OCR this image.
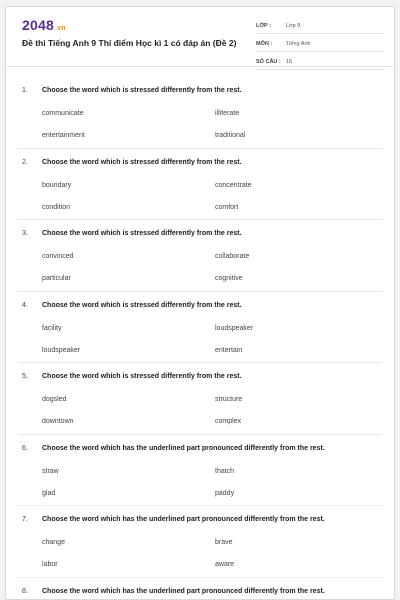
2048.vn
Đề thi Tiếng Anh 9 Thí điểm Học kì 1 có đáp án (Đề 2)
LỚP :	Lớp 9
MÔN :	Tiếng Anh
SỐ CÂU : 16
1.	Choose the word which is stressed differently from the rest.
communicate	illiterate
entertainment	traditional
2.	Choose the word which is stressed differently from the rest.
boundary	concentrate
condition	comfort
3.	Choose the word which is stressed differently from the rest.
convinced	collaborate
particular	cognitive
4.	Choose the word which is stressed differently from the rest.
facility	loudspeaker
loudspeaker	entertain
5.	Choose the word which is stressed differently from the rest.
dogsled	structure
downtown	complex
6.	Choose the word which has the underlined part pronounced differently from the rest.
straw	thatch
glad	paddy
7.	Choose the word which has the underlined part pronounced differently from the rest.
change	brave
labor	aware
8.	Choose the word which has the underlined part pronounced differently from the rest.
